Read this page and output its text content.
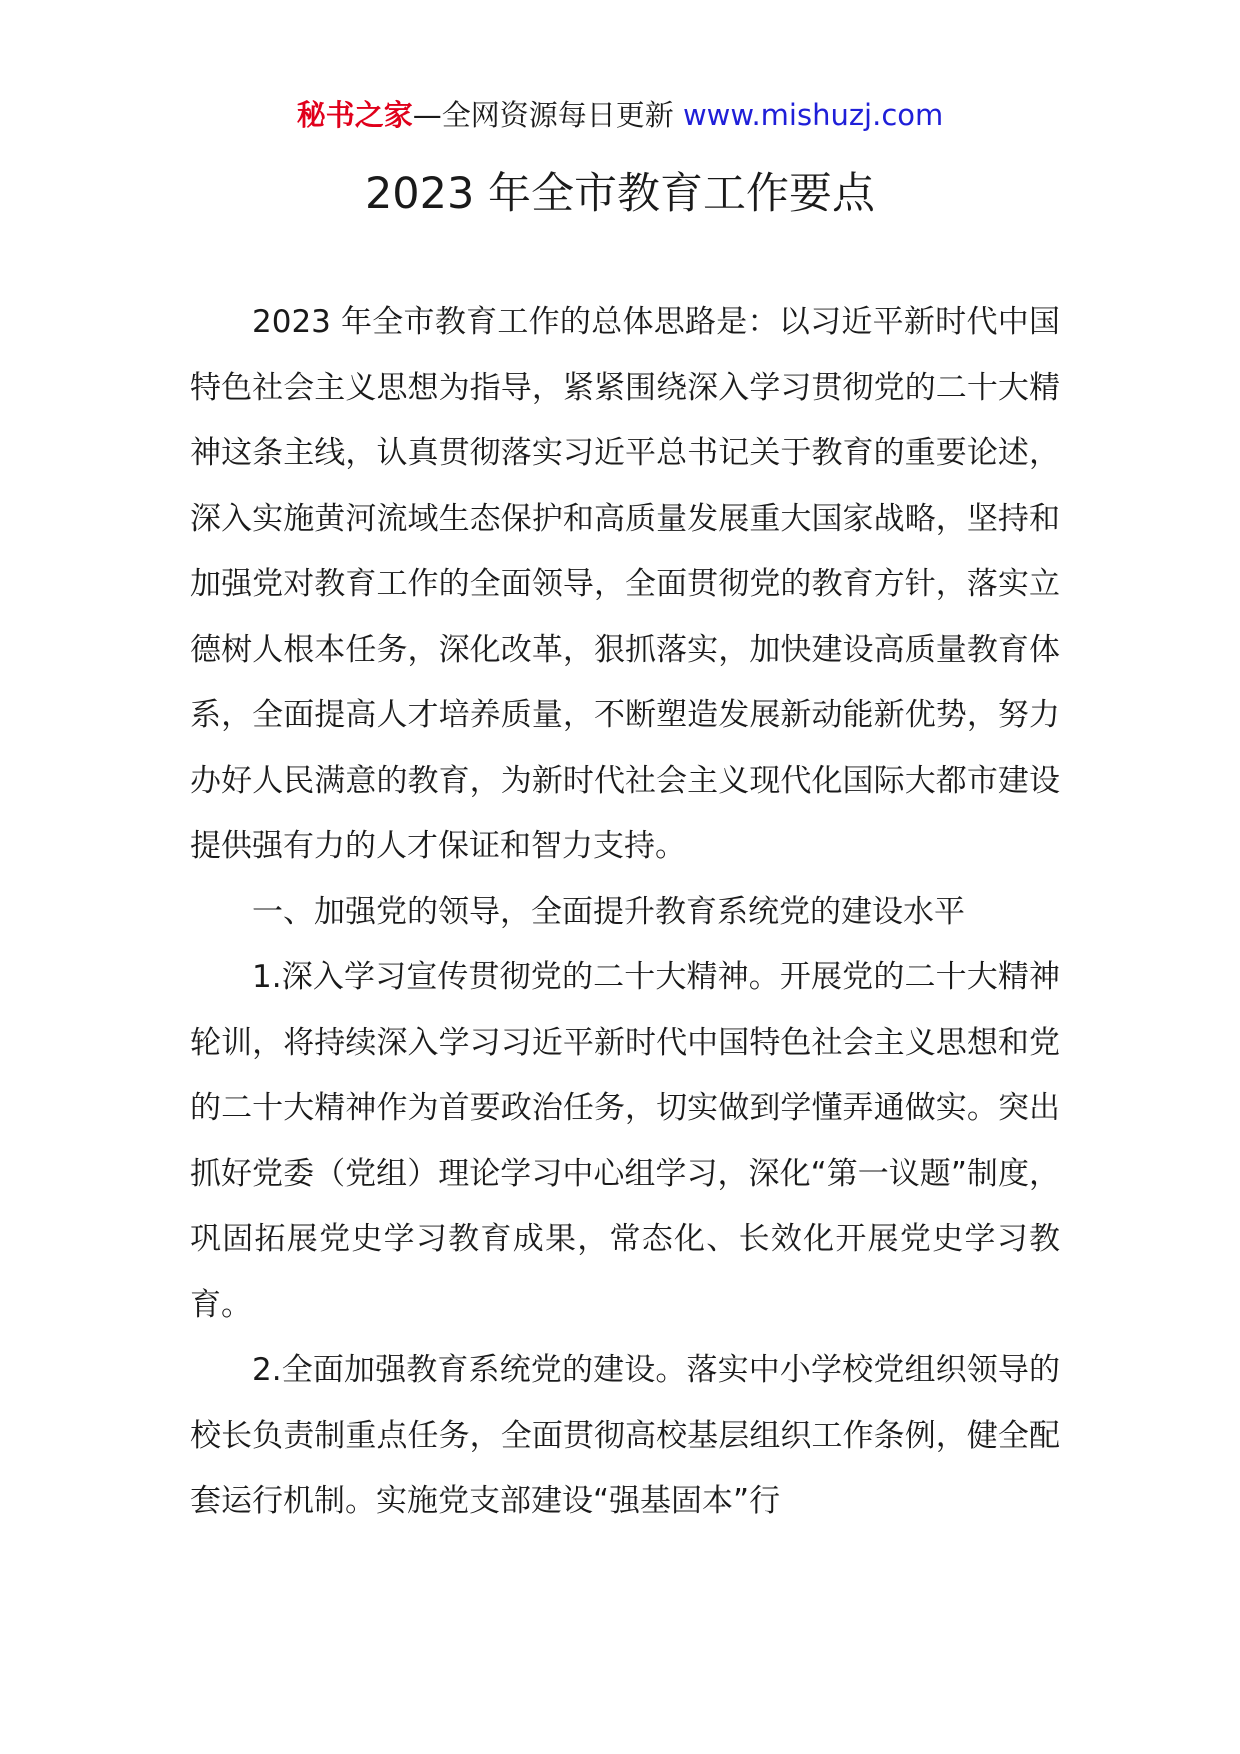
秘书之家—全网资源每日更新 www.mishuzj.com
2023 年全市教育工作要点

2023 年全市教育工作的总体思路是：以习近平新时代中国特色社会主义思想为指导，紧紧围绕深入学习贯彻党的二十大精神这条主线，认真贯彻落实习近平总书记关于教育的重要论述，深入实施黄河流域生态保护和高质量发展重大国家战略，坚持和加强党对教育工作的全面领导，全面贯彻党的教育方针，落实立德树人根本任务，深化改革，狠抓落实，加快建设高质量教育体系，全面提高人才培养质量，不断塑造发展新动能新优势，努力办好人民满意的教育，为新时代社会主义现代化国际大都市建设提供强有力的人才保证和智力支持。

一、加强党的领导，全面提升教育系统党的建设水平

1.深入学习宣传贯彻党的二十大精神。开展党的二十大精神轮训，将持续深入学习习近平新时代中国特色社会主义思想和党的二十大精神作为首要政治任务，切实做到学懂弄通做实。突出抓好党委（党组）理论学习中心组学习，深化“第一议题”制度，巩固拓展党史学习教育成果，常态化、长效化开展党史学习教育。

2.全面加强教育系统党的建设。落实中小学校党组织领导的校长负责制重点任务，全面贯彻高校基层组织工作条例，健全配套运行机制。实施党支部建设“强基固本”行
